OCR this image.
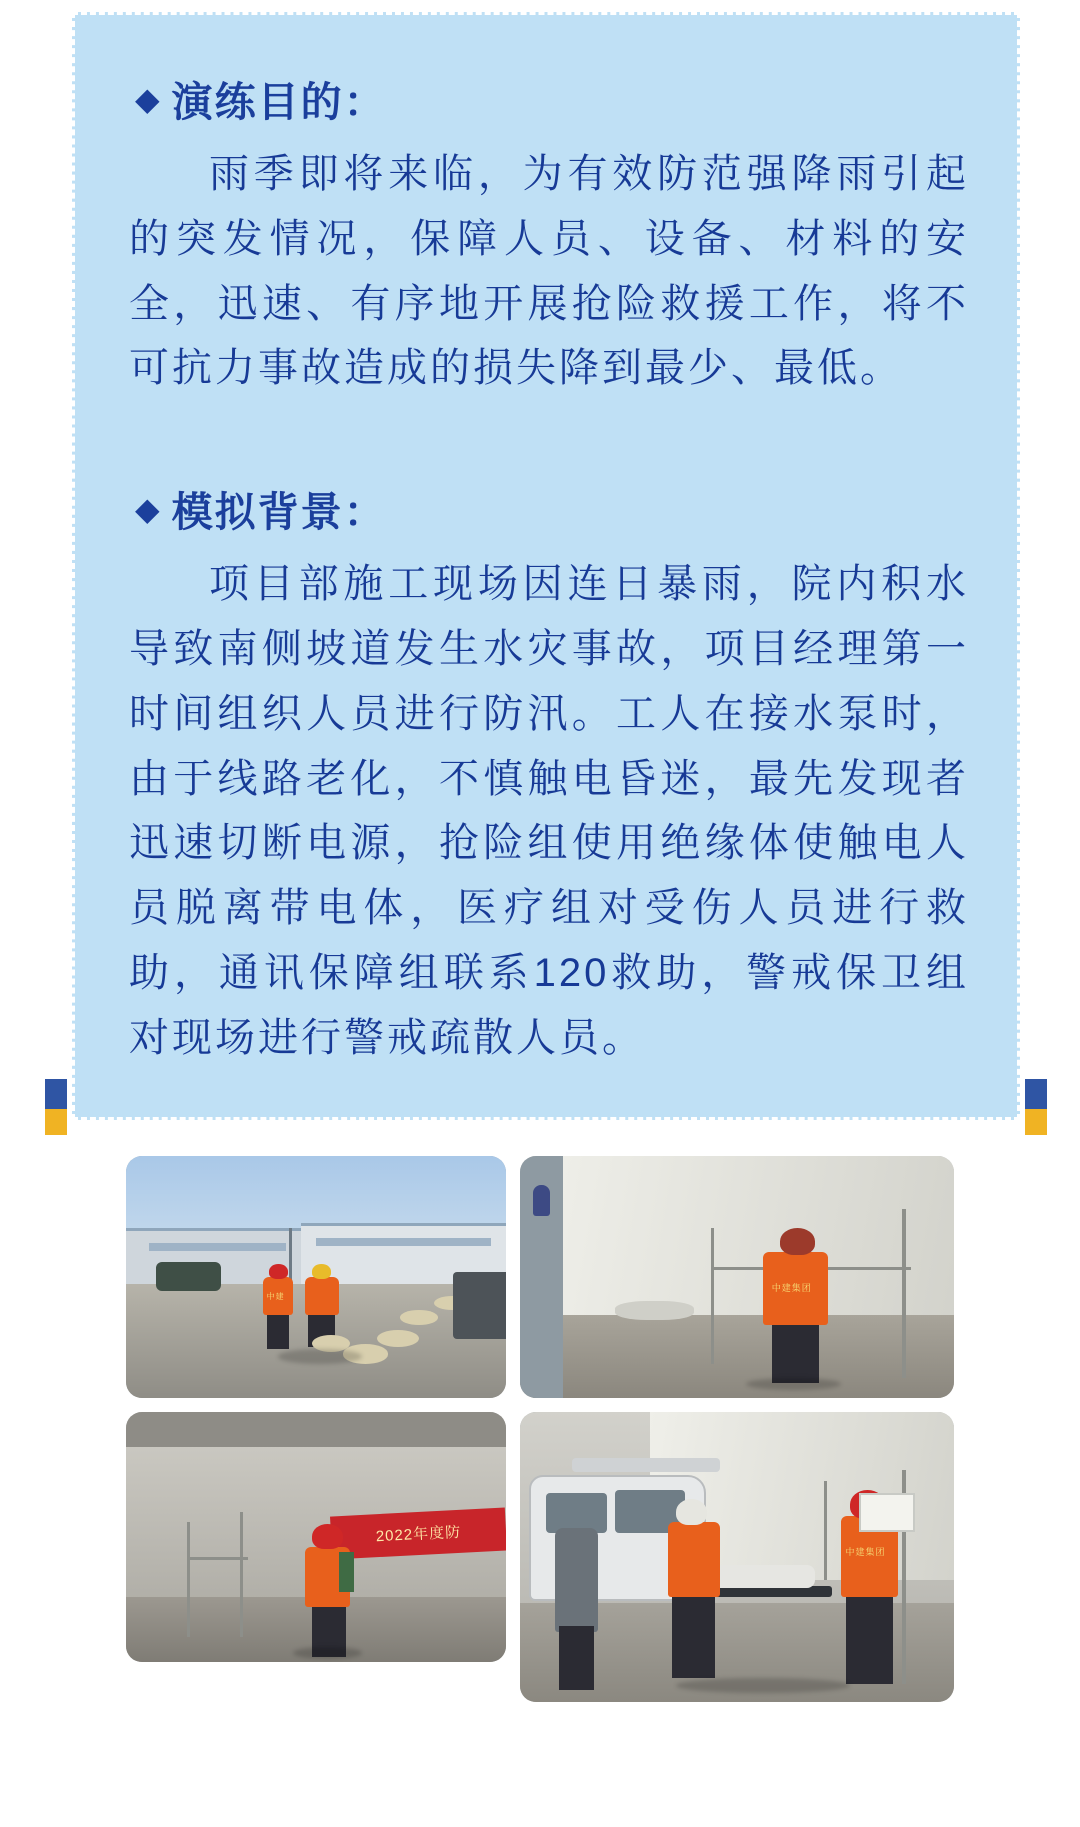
◆ 演练目的：

雨季即将来临，为有效防范强降雨引起的突发情况，保障人员、设备、材料的安全，迅速、有序地开展抢险救援工作，将不可抗力事故造成的损失降到最少、最低。

◆ 模拟背景：

项目部施工现场因连日暴雨，院内积水导致南侧坡道发生水灾事故，项目经理第一时间组织人员进行防汛。工人在接水泵时，由于线路老化，不慎触电昏迷，最先发现者迅速切断电源，抢险组使用绝缘体使触电人员脱离带电体，医疗组对受伤人员进行救助，通讯保障组联系120救助，警戒保卫组对现场进行警戒疏散人员。

中建
中建集团
2022年度防
中建集团
